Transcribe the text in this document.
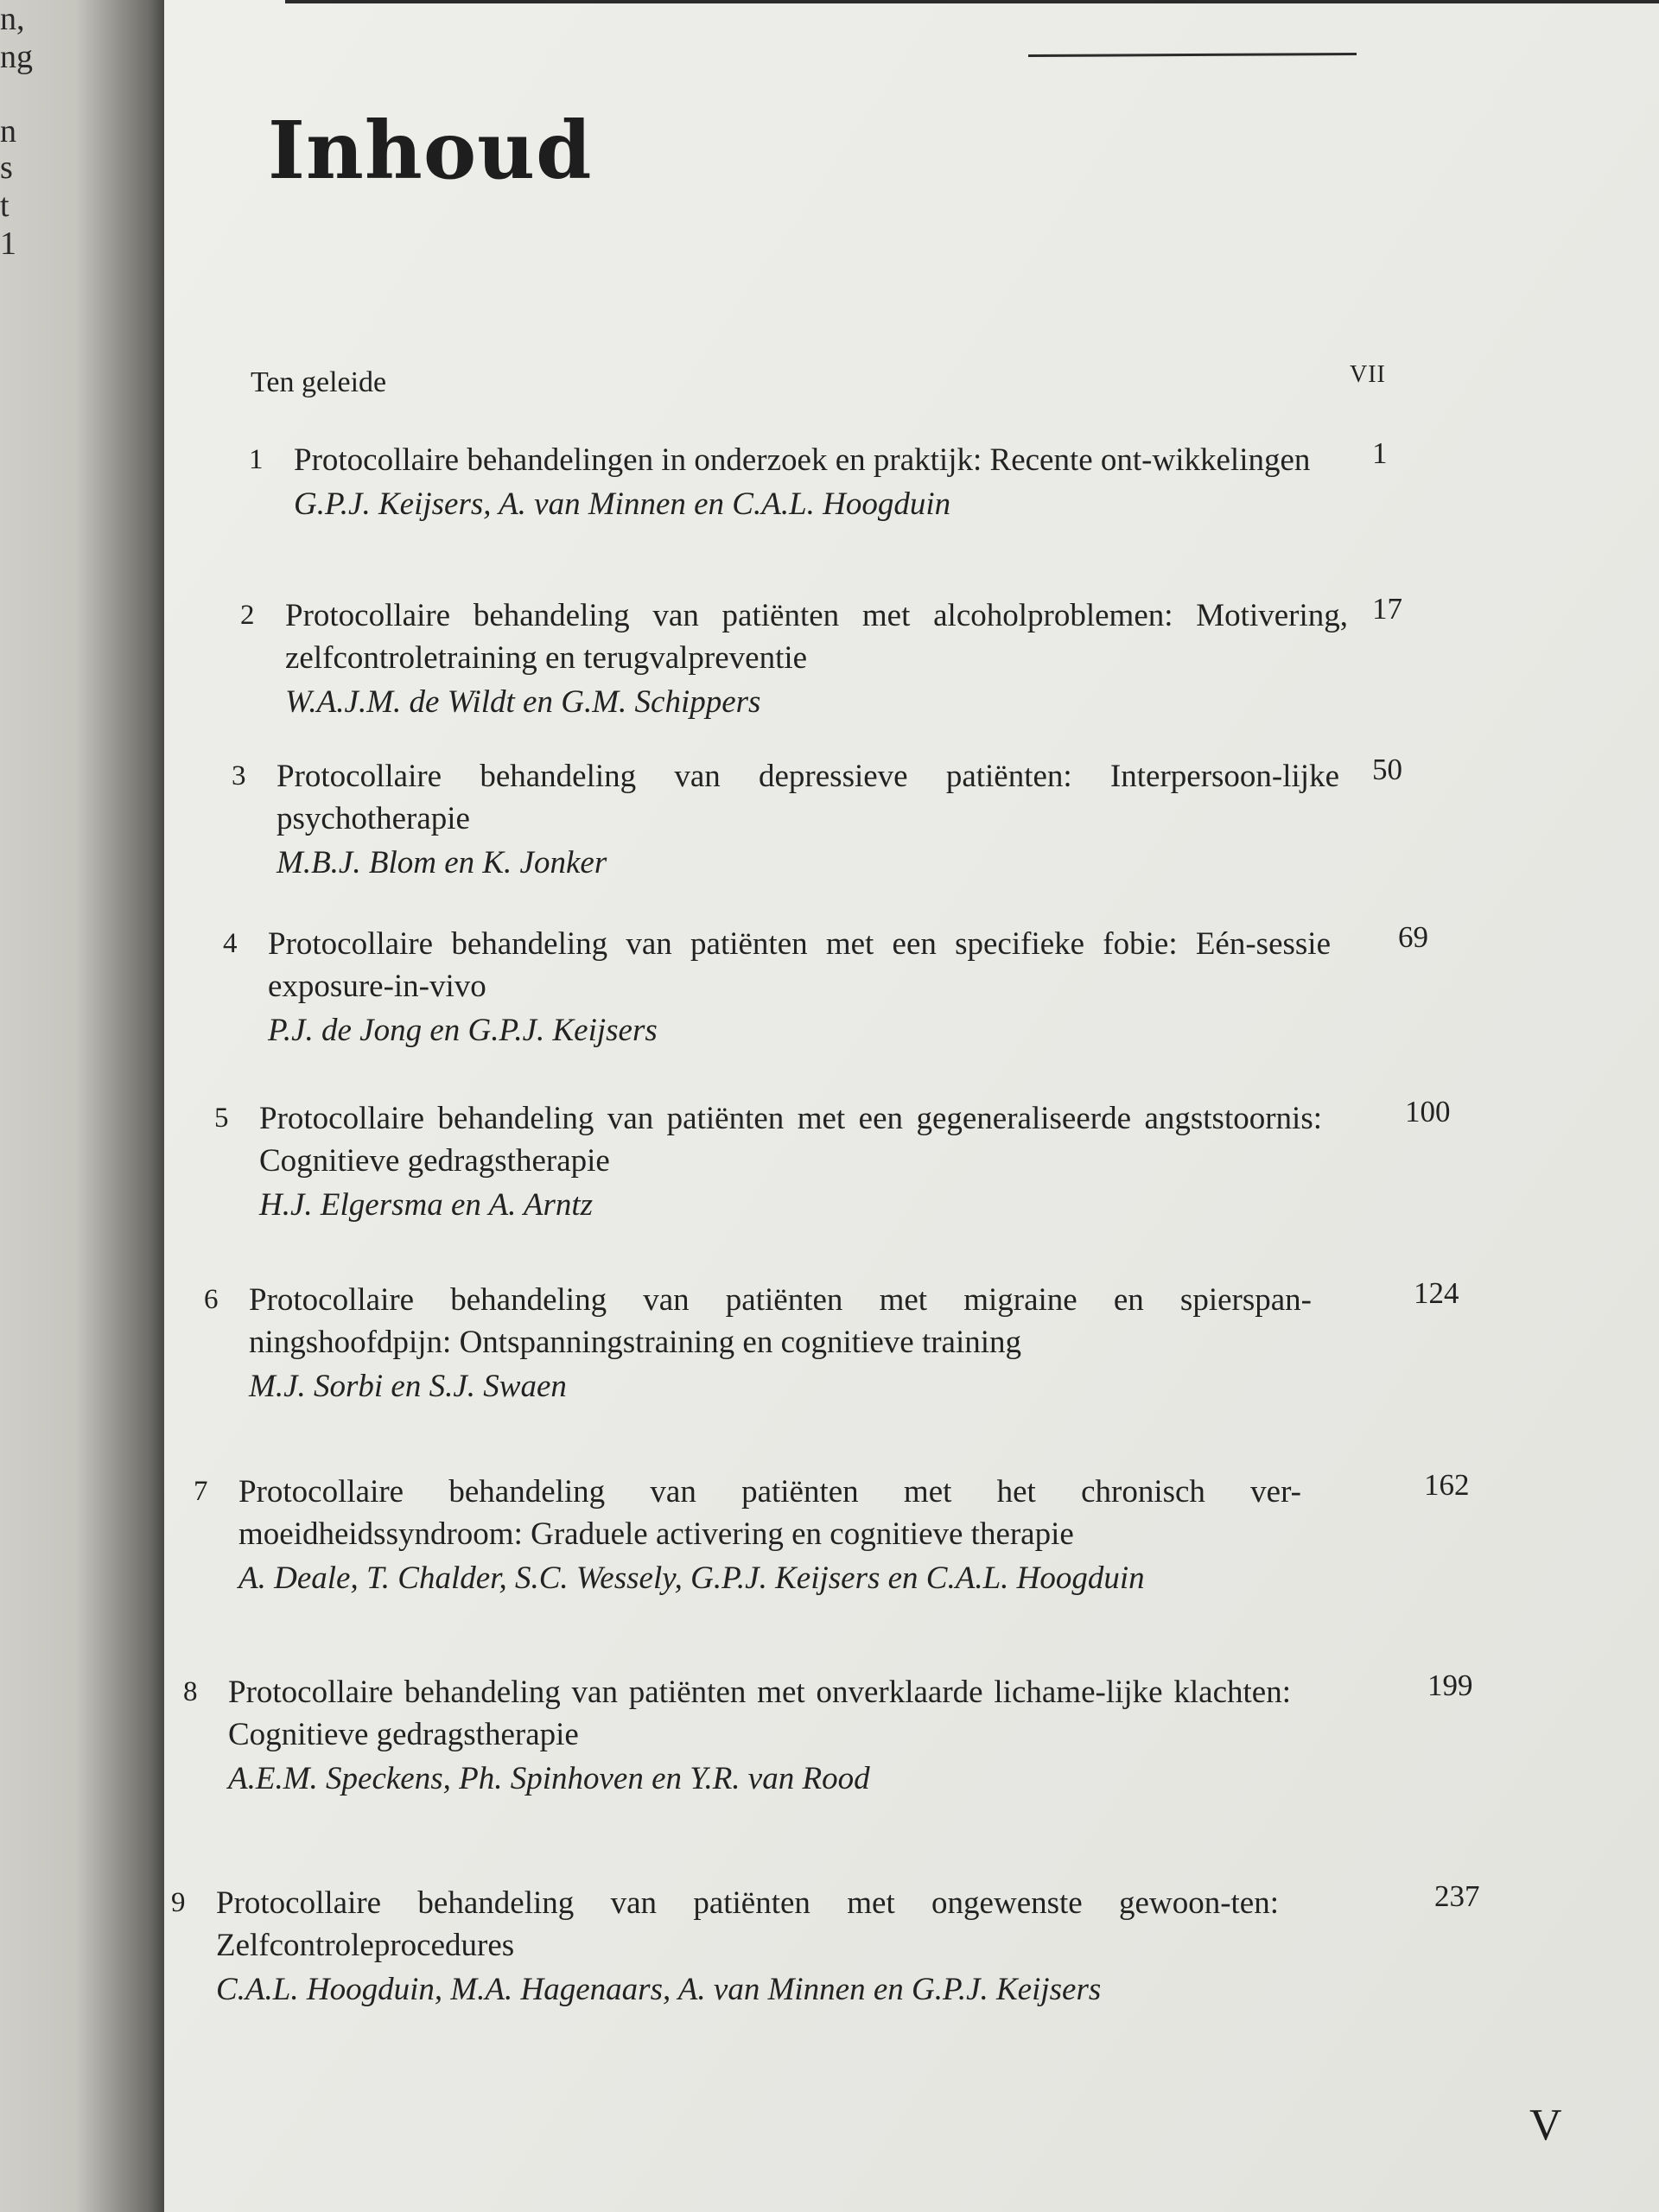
n,
ng
n
s
t
1
Inhoud
Ten geleide	VII
1 Protocollaire behandelingen in onderzoek en praktijk: Recente ont-wikkelingen
G.P.J. Keijsers, A. van Minnen en C.A.L. Hoogduin
1
2 Protocollaire behandeling van patiënten met alcoholproblemen: Motivering, zelfcontroletraining en terugvalpreventie
W.A.J.M. de Wildt en G.M. Schippers
17
3 Protocollaire behandeling van depressieve patiënten: Interpersoon-lijke psychotherapie
M.B.J. Blom en K. Jonker
50
4 Protocollaire behandeling van patiënten met een specifieke fobie: Eén-sessie exposure-in-vivo
P.J. de Jong en G.P.J. Keijsers
69
5 Protocollaire behandeling van patiënten met een gegeneraliseerde angststoornis: Cognitieve gedragstherapie
H.J. Elgersma en A. Arntz
100
6 Protocollaire behandeling van patiënten met migraine en spierspan-ningshoofdpijn: Ontspanningstraining en cognitieve training
M.J. Sorbi en S.J. Swaen
124
7 Protocollaire behandeling van patiënten met het chronisch ver-moeidheidssyndroom: Graduele activering en cognitieve therapie
A. Deale, T. Chalder, S.C. Wessely, G.P.J. Keijsers en C.A.L. Hoogduin
162
8 Protocollaire behandeling van patiënten met onverklaarde lichame-lijke klachten: Cognitieve gedragstherapie
A.E.M. Speckens, Ph. Spinhoven en Y.R. van Rood
199
9 Protocollaire behandeling van patiënten met ongewenste gewoon-ten: Zelfcontroleprocedures
C.A.L. Hoogduin, M.A. Hagenaars, A. van Minnen en G.P.J. Keijsers
237
V
